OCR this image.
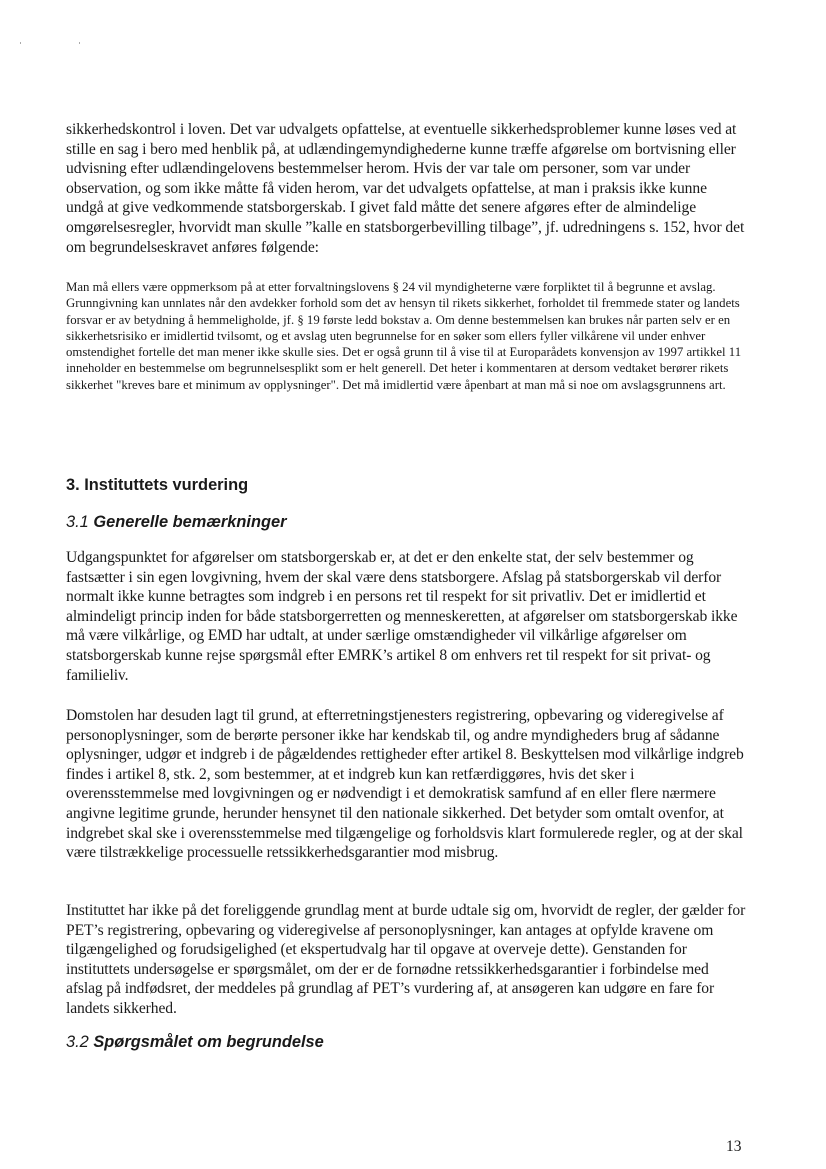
sikkerhedskontrol i loven. Det var udvalgets opfattelse, at eventuelle sikkerhedsproblemer kunne løses ved at stille en sag i bero med henblik på, at udlændingemyndighederne kunne træffe afgørelse om bortvisning eller udvisning efter udlændingelovens bestemmelser herom. Hvis der var tale om personer, som var under observation, og som ikke måtte få viden herom, var det udvalgets opfattelse, at man i praksis ikke kunne undgå at give vedkommende statsborgerskab. I givet fald måtte det senere afgøres efter de almindelige omgørelsesregler, hvorvidt man skulle ”kalle en statsborgerbevilling tilbage”, jf. udredningens s. 152, hvor det om begrundelseskravet anføres følgende:

Man må ellers være oppmerksom på at etter forvaltningslovens § 24 vil myndigheterne være forpliktet til å begrunne et avslag. Grunngivning kan unnlates når den avdekker forhold som det av hensyn til rikets sikkerhet, forholdet til fremmede stater og landets forsvar er av betydning å hemmeligholde, jf. § 19 første ledd bokstav a. Om denne bestemmelsen kan brukes når parten selv er en sikkerhetsrisiko er imidlertid tvilsomt, og et avslag uten begrunnelse for en søker som ellers fyller vilkårene vil under enhver omstendighet fortelle det man mener ikke skulle sies. Det er også grunn til å vise til at Europarådets konvensjon av 1997 artikkel 11 inneholder en bestemmelse om begrunnelsesplikt som er helt generell. Det heter i kommentaren at dersom vedtaket berører rikets sikkerhet "kreves bare et minimum av opplysninger". Det må imidlertid være åpenbart at man må si noe om avslagsgrunnens art.

3. Instituttets vurdering
3.1 Generelle bemærkninger

Udgangspunktet for afgørelser om statsborgerskab er, at det er den enkelte stat, der selv bestemmer og fastsætter i sin egen lovgivning, hvem der skal være dens statsborgere. Afslag på statsborgerskab vil derfor normalt ikke kunne betragtes som indgreb i en persons ret til respekt for sit privatliv. Det er imidlertid et almindeligt princip inden for både statsborgerretten og menneskeretten, at afgørelser om statsborgerskab ikke må være vilkårlige, og EMD har udtalt, at under særlige omstændigheder vil vilkårlige afgørelser om statsborgerskab kunne rejse spørgsmål efter EMRK’s artikel 8 om enhvers ret til respekt for sit privat- og familieliv.

Domstolen har desuden lagt til grund, at efterretningstjenesters registrering, opbevaring og videregivelse af personoplysninger, som de berørte personer ikke har kendskab til, og andre myndigheders brug af sådanne oplysninger, udgør et indgreb i de pågældendes rettigheder efter artikel 8. Beskyttelsen mod vilkårlige indgreb findes i artikel 8, stk. 2, som bestemmer, at et indgreb kun kan retfærdiggøres, hvis det sker i overensstemmelse med lovgivningen og er nødvendigt i et demokratisk samfund af en eller flere nærmere angivne legitime grunde, herunder hensynet til den nationale sikkerhed. Det betyder som omtalt ovenfor, at indgrebet skal ske i overensstemmelse med tilgængelige og forholdsvis klart formulerede regler, og at der skal være tilstrækkelige processuelle retssikkerhedsgarantier mod misbrug.

Instituttet har ikke på det foreliggende grundlag ment at burde udtale sig om, hvorvidt de regler, der gælder for PET’s registrering, opbevaring og videregivelse af personoplysninger, kan antages at opfylde kravene om tilgængelighed og forudsigelighed (et ekspertudvalg har til opgave at overveje dette). Genstanden for instituttets undersøgelse er spørgsmålet, om der er de fornødne retssikkerhedsgarantier i forbindelse med afslag på indfødsret, der meddeles på grundlag af PET’s vurdering af, at ansøgeren kan udgøre en fare for landets sikkerhed.

3.2 Spørgsmålet om begrundelse
13
